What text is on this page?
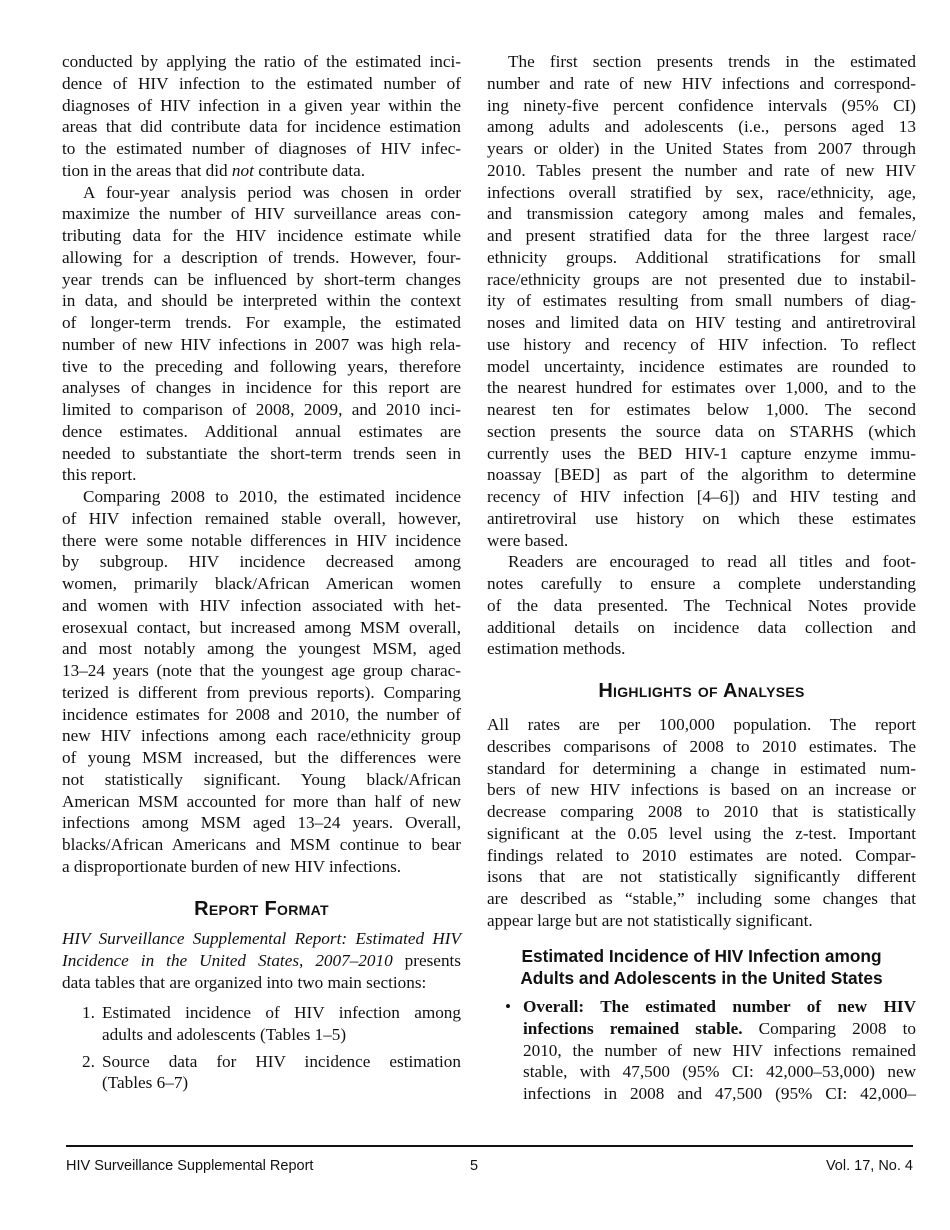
conducted by applying the ratio of the estimated inci-
dence of HIV infection to the estimated number of
diagnoses of HIV infection in a given year within the
areas that did contribute data for incidence estimation
to the estimated number of diagnoses of HIV infec-
tion in the areas that did not contribute data.
A four-year analysis period was chosen in order
maximize the number of HIV surveillance areas con-
tributing data for the HIV incidence estimate while
allowing for a description of trends. However, four-
year trends can be influenced by short-term changes
in data, and should be interpreted within the context
of longer-term trends. For example, the estimated
number of new HIV infections in 2007 was high rela-
tive to the preceding and following years, therefore
analyses of changes in incidence for this report are
limited to comparison of 2008, 2009, and 2010 inci-
dence estimates. Additional annual estimates are
needed to substantiate the short-term trends seen in
this report.
Comparing 2008 to 2010, the estimated incidence
of HIV infection remained stable overall, however,
there were some notable differences in HIV incidence
by subgroup. HIV incidence decreased among
women, primarily black/African American women
and women with HIV infection associated with het-
erosexual contact, but increased among MSM overall,
and most notably among the youngest MSM, aged
13–24 years (note that the youngest age group charac-
terized is different from previous reports). Comparing
incidence estimates for 2008 and 2010, the number of
new HIV infections among each race/ethnicity group
of young MSM increased, but the differences were
not statistically significant. Young black/African
American MSM accounted for more than half of new
infections among MSM aged 13–24 years. Overall,
blacks/African Americans and MSM continue to bear
a disproportionate burden of new HIV infections.
Report Format
HIV Surveillance Supplemental Report: Estimated HIV
Incidence in the United States, 2007–2010 presents
data tables that are organized into two main sections:
1. Estimated incidence of HIV infection among
adults and adolescents (Tables 1–5)
2. Source data for HIV incidence estimation
(Tables 6–7)
The first section presents trends in the estimated
number and rate of new HIV infections and correspond-
ing ninety-five percent confidence intervals (95% CI)
among adults and adolescents (i.e., persons aged 13
years or older) in the United States from 2007 through
2010. Tables present the number and rate of new HIV
infections overall stratified by sex, race/ethnicity, age,
and transmission category among males and females,
and present stratified data for the three largest race/
ethnicity groups. Additional stratifications for small
race/ethnicity groups are not presented due to instabil-
ity of estimates resulting from small numbers of diag-
noses and limited data on HIV testing and antiretroviral
use history and recency of HIV infection. To reflect
model uncertainty, incidence estimates are rounded to
the nearest hundred for estimates over 1,000, and to the
nearest ten for estimates below 1,000. The second
section presents the source data on STARHS (which
currently uses the BED HIV-1 capture enzyme immu-
noassay [BED] as part of the algorithm to determine
recency of HIV infection [4–6]) and HIV testing and
antiretroviral use history on which these estimates
were based.
Readers are encouraged to read all titles and foot-
notes carefully to ensure a complete understanding
of the data presented. The Technical Notes provide
additional details on incidence data collection and
estimation methods.
Highlights of Analyses
All rates are per 100,000 population. The report
describes comparisons of 2008 to 2010 estimates. The
standard for determining a change in estimated num-
bers of new HIV infections is based on an increase or
decrease comparing 2008 to 2010 that is statistically
significant at the 0.05 level using the z-test. Important
findings related to 2010 estimates are noted. Compar-
isons that are not statistically significantly different
are described as “stable,” including some changes that
appear large but are not statistically significant.
Estimated Incidence of HIV Infection among
Adults and Adolescents in the United States
• Overall: The estimated number of new HIV
infections remained stable. Comparing 2008 to
2010, the number of new HIV infections remained
stable, with 47,500 (95% CI: 42,000–53,000) new
infections in 2008 and 47,500 (95% CI: 42,000–
HIV Surveillance Supplemental Report	5	Vol. 17, No. 4
